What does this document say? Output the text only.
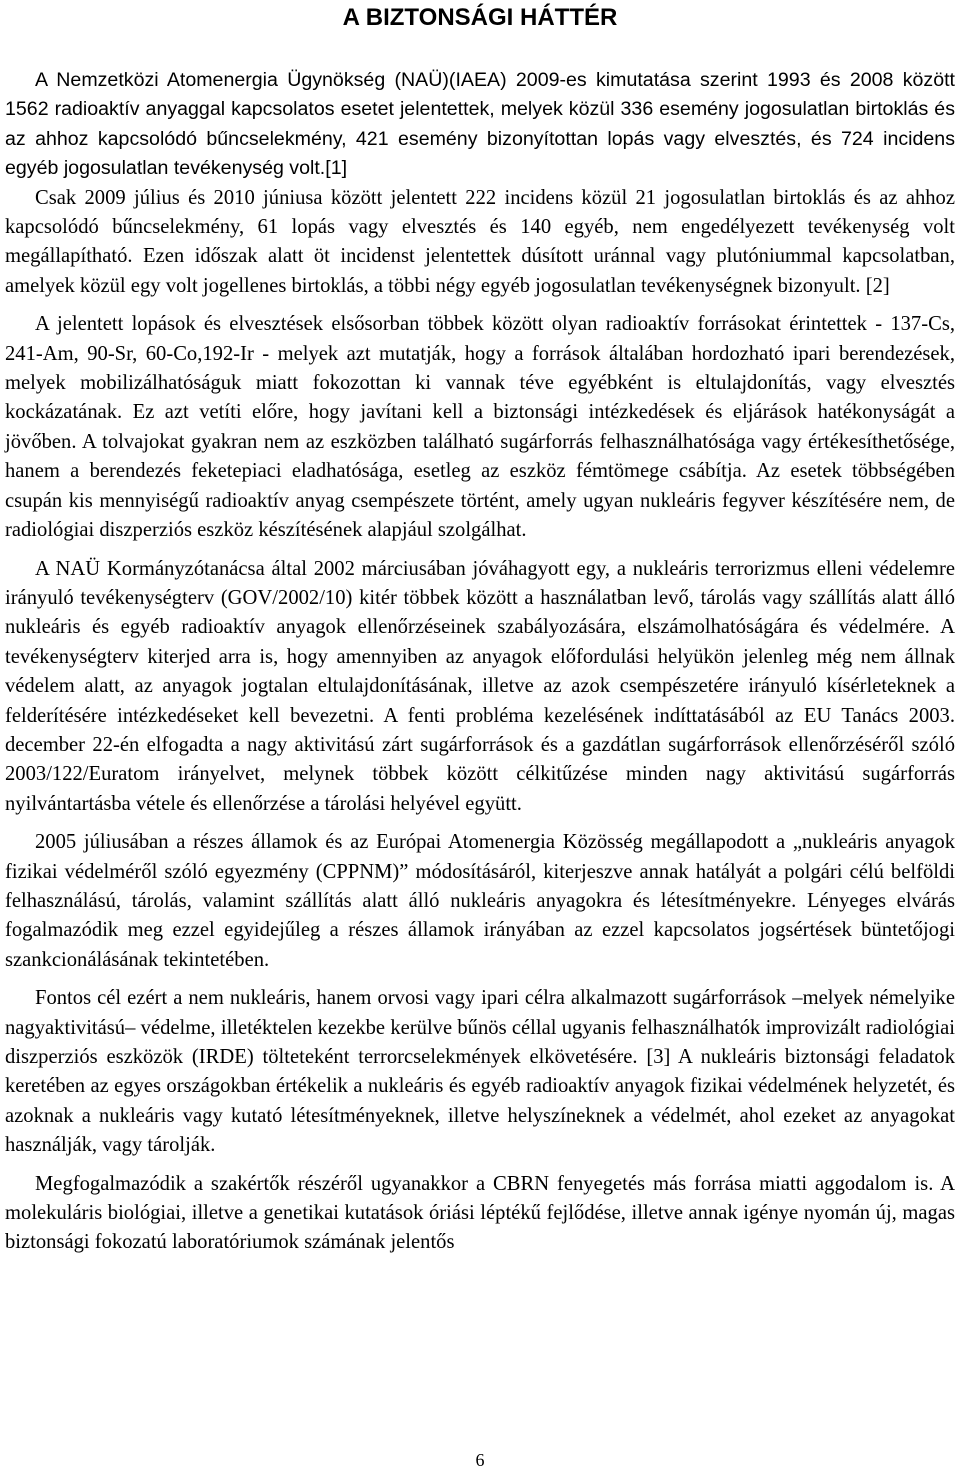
A BIZTONSÁGI HÁTTÉR

A Nemzetközi Atomenergia Ügynökség (NAÜ)(IAEA) 2009-es kimutatása szerint 1993 és 2008 között 1562 radioaktív anyaggal kapcsolatos esetet jelentettek, melyek közül 336 esemény jogosulatlan birtoklás és az ahhoz kapcsolódó bűncselekmény, 421 esemény bizonyítottan lopás vagy elvesztés, és 724 incidens egyéb jogosulatlan tevékenység volt.[1]

Csak 2009 július és 2010 júniusa között jelentett 222 incidens közül 21 jogosulatlan birtoklás és az ahhoz kapcsolódó bűncselekmény, 61 lopás vagy elvesztés és 140 egyéb, nem engedélyezett tevékenység volt megállapítható. Ezen időszak alatt öt incidenst jelentettek dúsított uránnal vagy plutóniummal kapcsolatban, amelyek közül egy volt jogellenes birtoklás, a többi négy egyéb jogosulatlan tevékenységnek bizonyult. [2]

A jelentett lopások és elvesztések elsősorban többek között olyan radioaktív forrásokat érintettek - 137-Cs, 241-Am, 90-Sr, 60-Co,192-Ir - melyek azt mutatják, hogy a források általában hordozható ipari berendezések, melyek mobilizálhatóságuk miatt fokozottan ki vannak téve egyébként is eltulajdonítás, vagy elvesztés kockázatának. Ez azt vetíti előre, hogy javítani kell a biztonsági intézkedések és eljárások hatékonyságát a jövőben. A tolvajokat gyakran nem az eszközben található sugárforrás felhasználhatósága vagy értékesíthetősége, hanem a berendezés feketepiaci eladhatósága, esetleg az eszköz fémtömege csábítja. Az esetek többségében csupán kis mennyiségű radioaktív anyag csempészete történt, amely ugyan nukleáris fegyver készítésére nem, de radiológiai diszperziós eszköz készítésének alapjául szolgálhat.

A NAÜ Kormányzótanácsa által 2002 márciusában jóváhagyott egy, a nukleáris terrorizmus elleni védelemre irányuló tevékenységterv (GOV/2002/10) kitér többek között a használatban levő, tárolás vagy szállítás alatt álló nukleáris és egyéb radioaktív anyagok ellenőrzéseinek szabályozására, elszámolhatóságára és védelmére. A tevékenységterv kiterjed arra is, hogy amennyiben az anyagok előfordulási helyükön jelenleg még nem állnak védelem alatt, az anyagok jogtalan eltulajdonításának, illetve az azok csempészetére irányuló kísérleteknek a felderítésére intézkedéseket kell bevezetni. A fenti probléma kezelésének indíttatásából az EU Tanács 2003. december 22-én elfogadta a nagy aktivitású zárt sugárforrások és a gazdátlan sugárforrások ellenőrzéséről szóló 2003/122/Euratom irányelvet, melynek többek között célkitűzése minden nagy aktivitású sugárforrás nyilvántartásba vétele és ellenőrzése a tárolási helyével együtt.

2005 júliusában a részes államok és az Európai Atomenergia Közösség megállapodott a „nukleáris anyagok fizikai védelméről szóló egyezmény (CPPNM)” módosításáról, kiterjeszve annak hatályát a polgári célú belföldi felhasználású, tárolás, valamint szállítás alatt álló nukleáris anyagokra és létesítményekre. Lényeges elvárás fogalmazódik meg ezzel egyidejűleg a részes államok irányában az ezzel kapcsolatos jogsértések büntetőjogi szankcionálásának tekintetében.

Fontos cél ezért a nem nukleáris, hanem orvosi vagy ipari célra alkalmazott sugárforrások –melyek némelyike nagyaktivitású– védelme, illetéktelen kezekbe kerülve bűnös céllal ugyanis felhasználhatók improvizált radiológiai diszperziós eszközök (IRDE) tölteteként terrorcselekmények elkövetésére. [3] A nukleáris biztonsági feladatok keretében az egyes országokban értékelik a nukleáris és egyéb radioaktív anyagok fizikai védelmének helyzetét, és azoknak a nukleáris vagy kutató létesítményeknek, illetve helyszíneknek a védelmét, ahol ezeket az anyagokat használják, vagy tárolják.

Megfogalmazódik a szakértők részéről ugyanakkor a CBRN fenyegetés más forrása miatti aggodalom is. A molekuláris biológiai, illetve a genetikai kutatások óriási léptékű fejlődése, illetve annak igénye nyomán új, magas biztonsági fokozatú laboratóriumok számának jelentős

6
